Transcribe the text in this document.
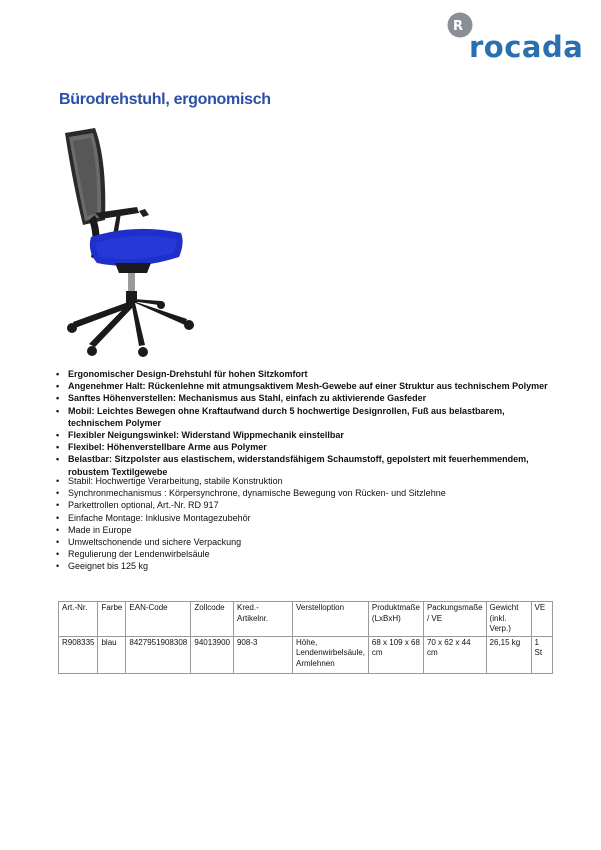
R
rocada
Bürodrehstuhl, ergonomisch
• Ergonomischer Design-Drehstuhl für hohen Sitzkomfort
• Angenehmer Halt: Rückenlehne mit atmungsaktivem Mesh-Gewebe auf einer Struktur aus technischem Polymer
• Sanftes Höhenverstellen: Mechanismus aus Stahl, einfach zu aktivierende Gasfeder
• Mobil: Leichtes Bewegen ohne Kraftaufwand durch 5 hochwertige Designrollen, Fuß aus belastbarem, technischem Polymer
• Flexibler Neigungswinkel: Widerstand Wippmechanik einstellbar
• Flexibel: Höhenverstellbare Arme aus Polymer
• Belastbar: Sitzpolster aus elastischem, widerstandsfähigem Schaumstoff, gepolstert mit feuerhemmendem, robustem Textilgewebe
• Stabil: Hochwertige Verarbeitung, stabile Konstruktion
• Synchronmechanismus : Körpersynchrone, dynamische Bewegung von Rücken- und Sitzlehne
• Parkettrollen optional, Art.-Nr. RD 917
• Einfache Montage: Inklusive Montagezubehör
• Made in Europe
• Umweltschonende und sichere Verpackung
• Regulierung der Lendenwirbelsäule
• Geeignet bis 125 kg
Art.-Nr.	Farbe	EAN-Code	Zollcode	Kred.-Artikelnr.	Verstelloption	Produktmaße (LxBxH)	Packungsmaße / VE	Gewicht (inkl. Verp.)	VE
R908335	blau	8427951908308	94013900	908-3	Höhe, Lendenwirbelsäule, Armlehnen	68 x 109 x 68 cm	70 x 62 x 44 cm	26,15 kg	1 St
